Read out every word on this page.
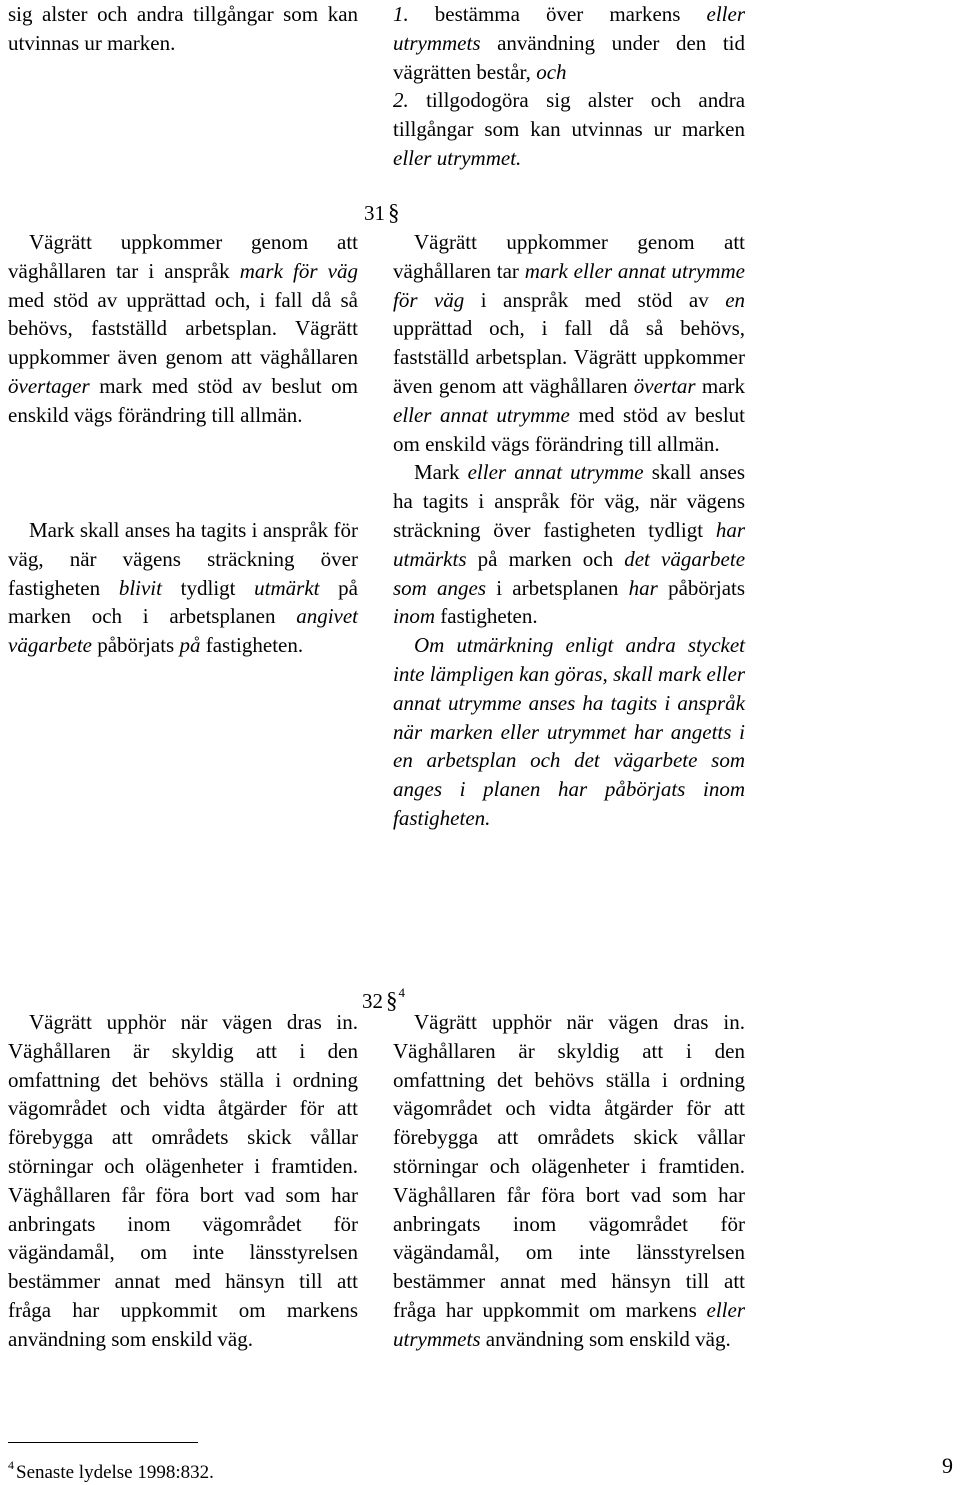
sig alster och andra tillgångar som kan utvinnas ur marken.

1. bestämma över markens eller utrymmets användning under den tid vägrätten består, och

2. tillgodogöra sig alster och andra tillgångar som kan utvinnas ur marken eller utrymmet.

31 §

Vägrätt uppkommer genom att väghållaren tar i anspråk mark för väg med stöd av upprättad och, i fall då så behövs, fastställd arbetsplan. Vägrätt uppkommer även genom att väghållaren övertager mark med stöd av beslut om enskild vägs förändring till allmän.

Mark skall anses ha tagits i anspråk för väg, när vägens sträckning över fastigheten blivit tydligt utmärkt på marken och i arbetsplanen angivet vägarbete påbörjats på fastigheten.

Vägrätt uppkommer genom att väghållaren tar mark eller annat utrymme för väg i anspråk med stöd av en upprättad och, i fall då så behövs, fastställd arbetsplan. Vägrätt uppkommer även genom att väghållaren övertar mark eller annat utrymme med stöd av beslut om enskild vägs förändring till allmän.

Mark eller annat utrymme skall anses ha tagits i anspråk för väg, när vägens sträckning över fastigheten tydligt har utmärkts på marken och det vägarbete som anges i arbetsplanen har påbörjats inom fastigheten.

Om utmärkning enligt andra stycket inte lämpligen kan göras, skall mark eller annat utrymme anses ha tagits i anspråk när marken eller utrymmet har angetts i en arbetsplan och det vägarbete som anges i planen har påbörjats inom fastigheten.

32 §$^4$

Vägrätt upphör när vägen dras in. Väghållaren är skyldig att i den omfattning det behövs ställa i ordning vägområdet och vidta åtgärder för att förebygga att områdets skick vållar störningar och olägenheter i framtiden. Väghållaren får föra bort vad som har anbringats inom vägområdet för vägändamål, om inte länsstyrelsen bestämmer annat med hänsyn till att fråga har uppkommit om markens användning som enskild väg.

Vägrätt upphör när vägen dras in. Väghållaren är skyldig att i den omfattning det behövs ställa i ordning vägområdet och vidta åtgärder för att förebygga att områdets skick vållar störningar och olägenheter i framtiden. Väghållaren får föra bort vad som har anbringats inom vägområdet för vägändamål, om inte länsstyrelsen bestämmer annat med hänsyn till att fråga har uppkommit om markens eller utrymmets användning som enskild väg.

$^4$ Senaste lydelse 1998:832.	9
